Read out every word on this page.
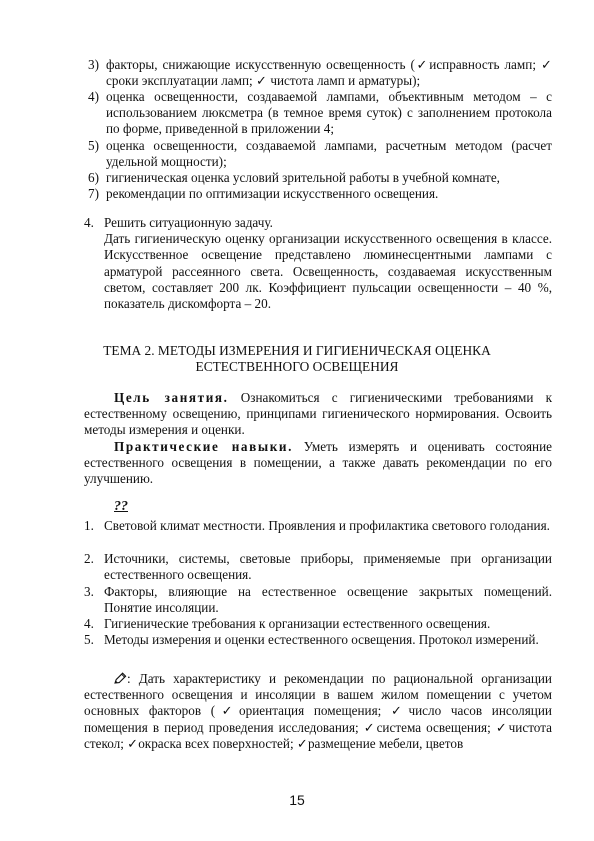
3) факторы, снижающие искусственную освещенность (✓исправность ламп; ✓ сроки эксплуатации ламп; ✓ чистота ламп и арматуры);
4) оценка освещенности, создаваемой лампами, объективным методом – с использованием люксметра (в темное время суток) с заполнением протокола по форме, приведенной в приложении 4;
5) оценка освещенности, создаваемой лампами, расчетным методом (расчет удельной мощности);
6) гигиеническая оценка условий зрительной работы в учебной комнате,
7) рекомендации по оптимизации искусственного освещения.
4. Решить ситуационную задачу.
Дать гигиеническую оценку организации искусственного освещения в классе. Искусственное освещение представлено люминесцентными лампами с арматурой рассеянного света. Освещенность, создаваемая искусственным светом, составляет 200 лк. Коэффициент пульсации освещенности – 40 %, показатель дискомфорта – 20.

ТЕМА 2. МЕТОДЫ ИЗМЕРЕНИЯ И ГИГИЕНИЧЕСКАЯ ОЦЕНКА

ЕСТЕСТВЕННОГО ОСВЕЩЕНИЯ

Цель занятия. Ознакомиться с гигиеническими требованиями к естественному освещению, принципами гигиенического нормирования. Освоить методы измерения и оценки.

Практические навыки. Уметь измерять и оценивать состояние естественного освещения в помещении, а также давать рекомендации по его улучшению.

??
1. Световой климат местности. Проявления и профилактика светового голодания.
2. Источники, системы, световые приборы, применяемые при организации естественного освещения.
3. Факторы, влияющие на естественное освещение закрытых помещений. Понятие инсоляции.
4. Гигиенические требования к организации естественного освещения.
5. Методы измерения и оценки естественного освещения. Протокол измерений.

: Дать характеристику и рекомендации по рациональной организации естественного освещения и инсоляции в вашем жилом помещении с учетом основных факторов (✓ориентация помещения; ✓число часов инсоляции помещения в период проведения исследования; ✓система освещения; ✓чистота стекол; ✓окраска всех поверхностей; ✓размещение мебели, цветов

15
